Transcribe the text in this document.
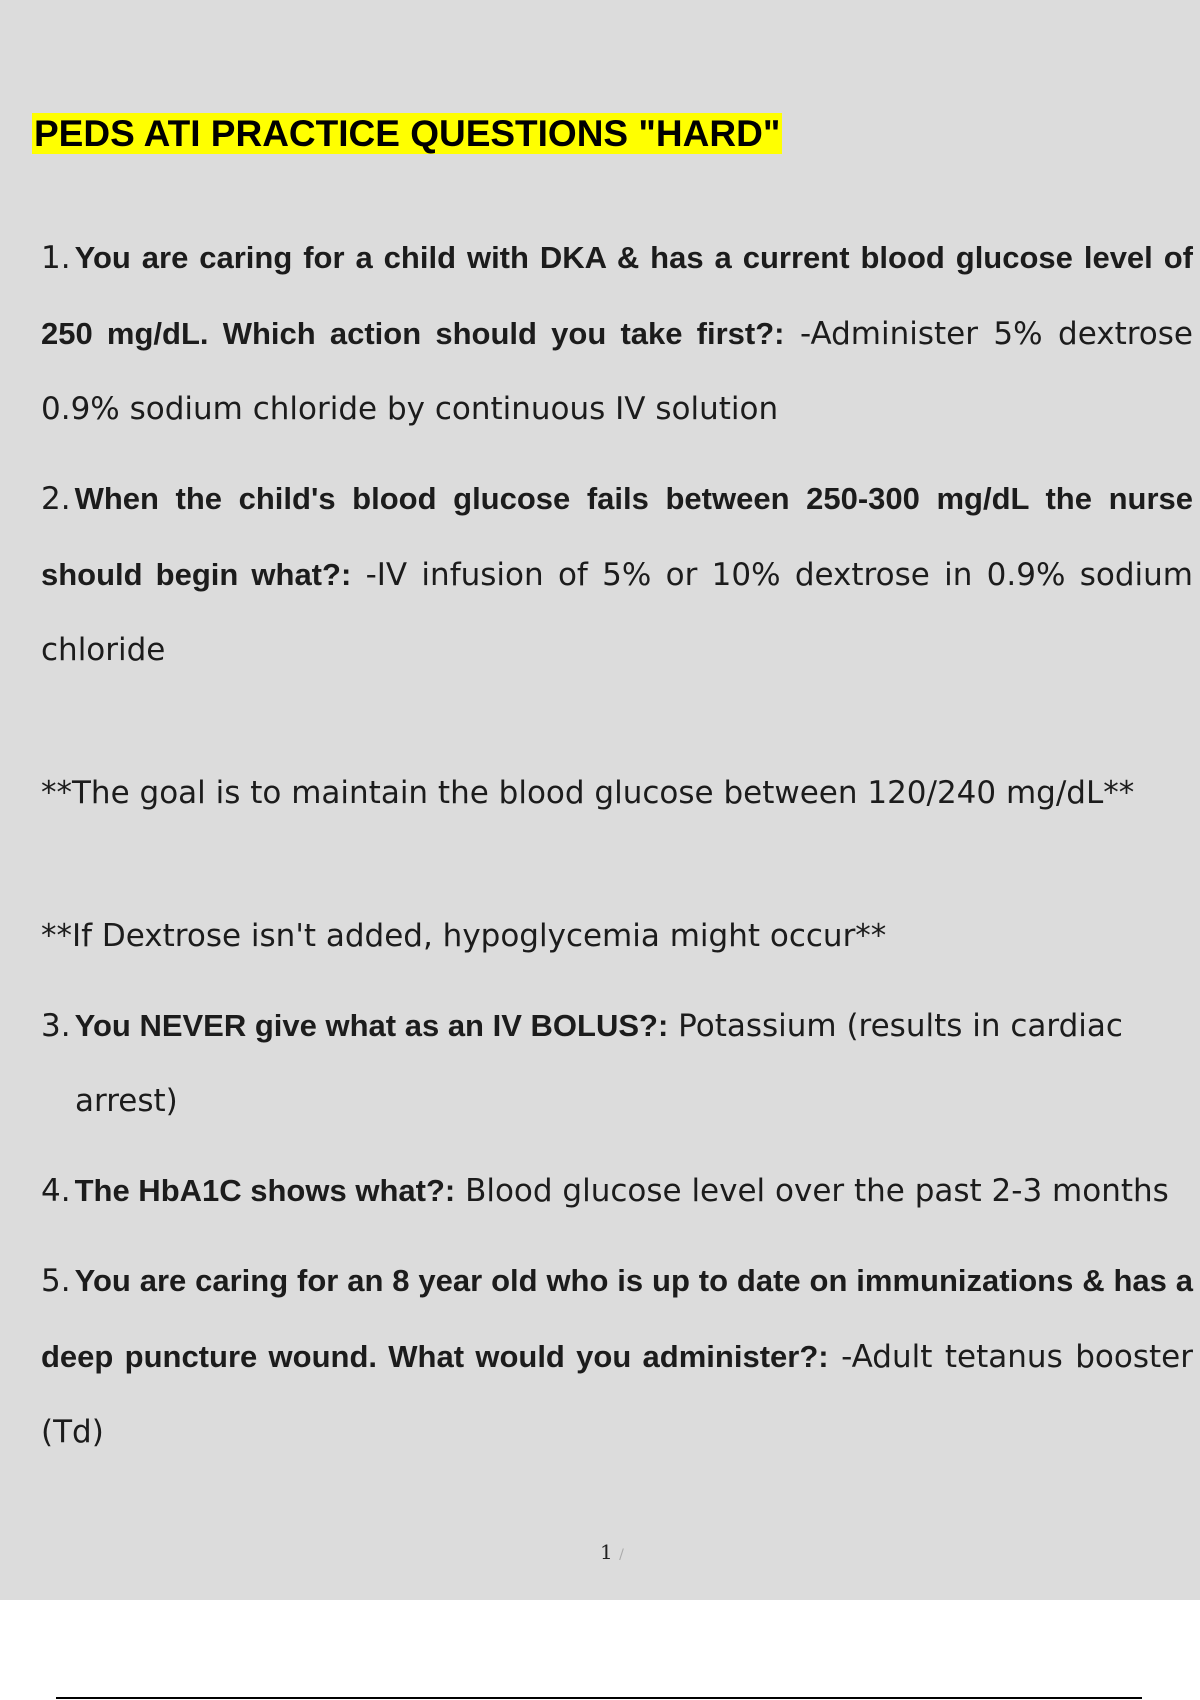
PEDS ATI PRACTICE QUESTIONS "HARD"

1. You are caring for a child with DKA & has a current blood glucose level of 250 mg/dL. Which action should you take first?: -Administer 5% dextrose 0.9% sodium chloride by continuous IV solution

2. When the child's blood glucose fails between 250-300 mg/dL the nurse should begin what?: -IV infusion of 5% or 10% dextrose in 0.9% sodium chloride

**The goal is to maintain the blood glucose between 120/240 mg/dL**

**If Dextrose isn't added, hypoglycemia might occur**

3. You NEVER give what as an IV BOLUS?: Potassium (results in cardiac arrest)

4. The HbA1C shows what?: Blood glucose level over the past 2-3 months

5. You are caring for an 8 year old who is up to date on immunizations & has a deep puncture wound. What would you administer?: -Adult tetanus booster (Td)

1 /
